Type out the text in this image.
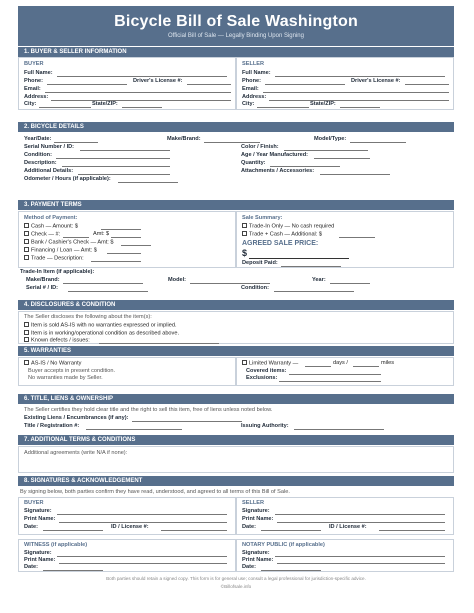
Bicycle Bill of Sale Washington
Official Bill of Sale — Legally Binding Upon Signing
1. BUYER & SELLER INFORMATION
BUYER
Full Name:
Phone:	Driver's License #:
Email:
Address:
City:	State/ZIP:
SELLER
Full Name:
Phone:	Driver's License #:
Email:
Address:
City:	State/ZIP:
2. BICYCLE DETAILS
Year/Date:	Make/Brand:	Model/Type:
Serial Number / ID:	Color / Finish:
Condition:	Age / Year Manufactured:
Description:	Quantity:
Additional Details:	Attachments / Accessories:
Odometer / Hours (if applicable):
3. PAYMENT TERMS
Method of Payment:
Cash — Amount: $
Check — #:	Amt: $
Bank / Cashier's Check — Amt: $
Financing / Loan — Amt: $
Trade — Description:
Sale Summary:
Trade-In Only — No cash required
Trade + Cash — Additional: $
AGREED SALE PRICE:
$
Deposit Paid:
Trade-In Item (if applicable):
Make/Brand:	Model:	Year:
Serial # / ID:	Condition:
4. DISCLOSURES & CONDITION
The Seller discloses the following about the item(s):
Item is sold AS-IS with no warranties expressed or implied.
Item is in working/operational condition as described above.
Known defects / issues:
5. WARRANTIES
AS-IS / No Warranty
Buyer accepts in present condition.
No warranties made by Seller.
Limited Warranty —	days /	miles
Covered items:
Exclusions:
6. TITLE, LIENS & OWNERSHIP
The Seller certifies they hold clear title and the right to sell this item, free of liens unless noted below.
Existing Liens / Encumbrances (if any):
Title / Registration #:	Issuing Authority:
7. ADDITIONAL TERMS & CONDITIONS
Additional agreements (write N/A if none):
8. SIGNATURES & ACKNOWLEDGEMENT
By signing below, both parties confirm they have read, understood, and agreed to all terms of this Bill of Sale.
BUYER
Signature:
Print Name:
Date:	ID / License #:
SELLER
Signature:
Print Name:
Date:	ID / License #:
WITNESS (if applicable)
Signature:
Print Name:
Date:
NOTARY PUBLIC (if applicable)
Signature:
Print Name:
Date:
Both parties should retain a signed copy. This form is for general use; consult a legal professional for jurisdiction-specific advice.
©Billofsale.info
